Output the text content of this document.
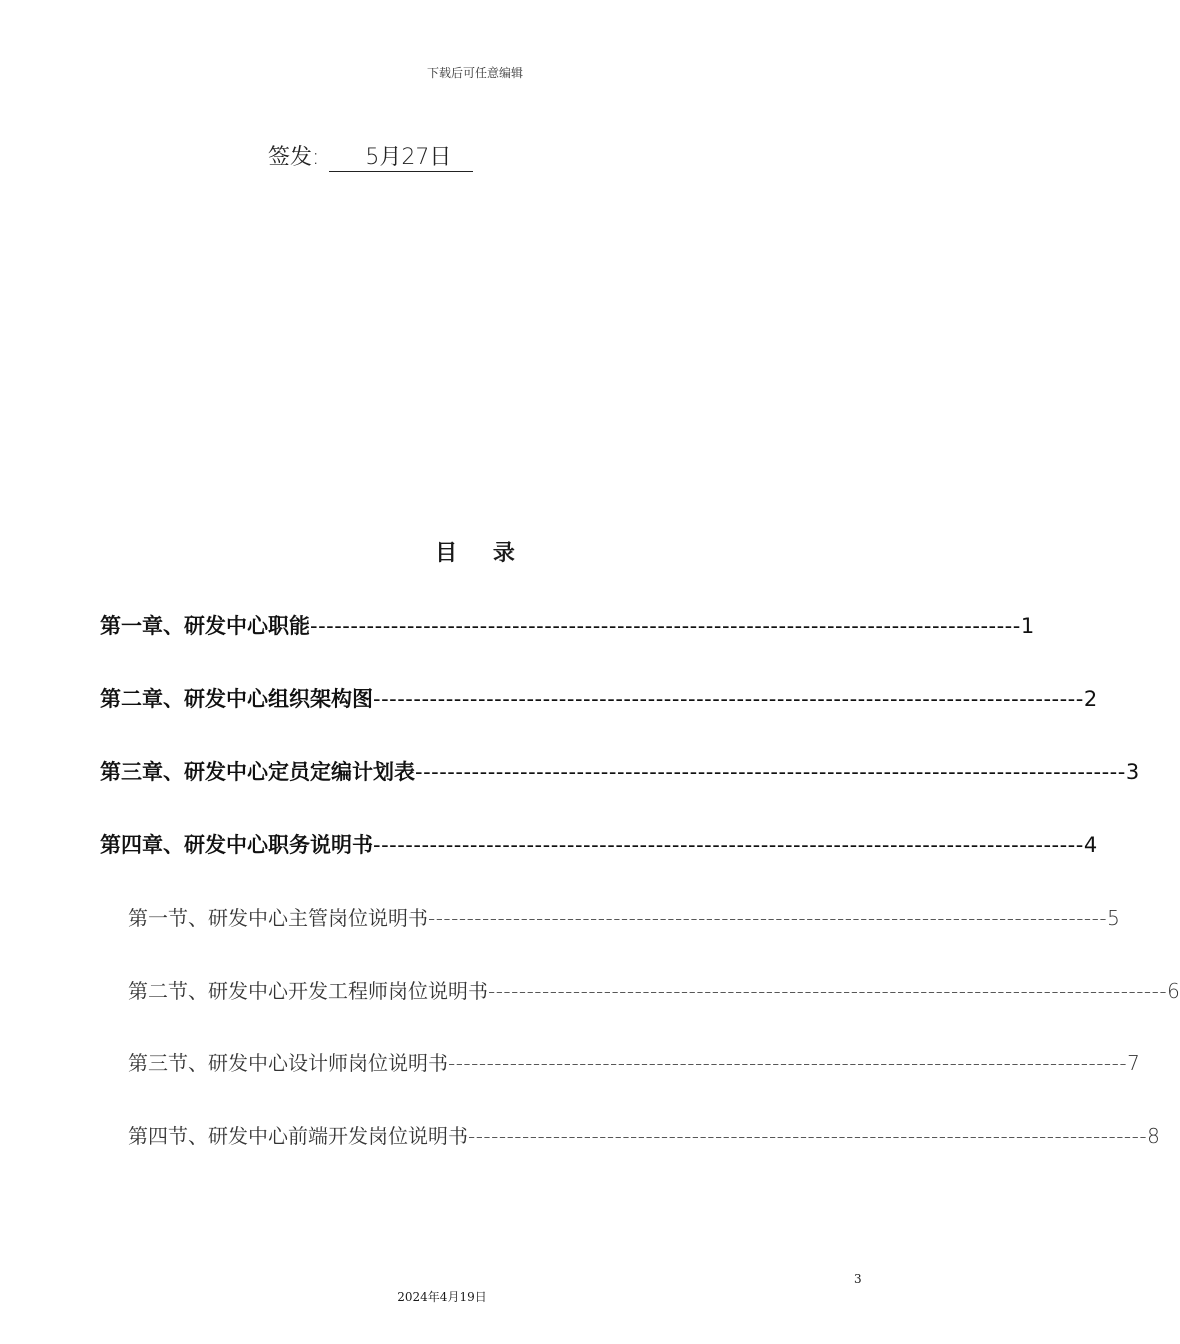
下载后可任意编辑
签发: 5月27日
目 录
第一章、研发中心职能 ---------------------------------------------------------------------------------------- 1
第二章、研发中心组织架构图 ---------------------------------------------------------------------------------------- 2
第三章、研发中心定员定编计划表 ---------------------------------------------------------------------------------------- 3
第四章、研发中心职务说明书 ---------------------------------------------------------------------------------------- 4
第一节、研发中心主管岗位说明书 ---------------------------------------------------------------------------------------- 5
第二节、研发中心开发工程师岗位说明书 ---------------------------------------------------------------------------------------- 6
第三节、研发中心设计师岗位说明书 ---------------------------------------------------------------------------------------- 7
第四节、研发中心前端开发岗位说明书 ---------------------------------------------------------------------------------------- 8
3
2024年4月19日
